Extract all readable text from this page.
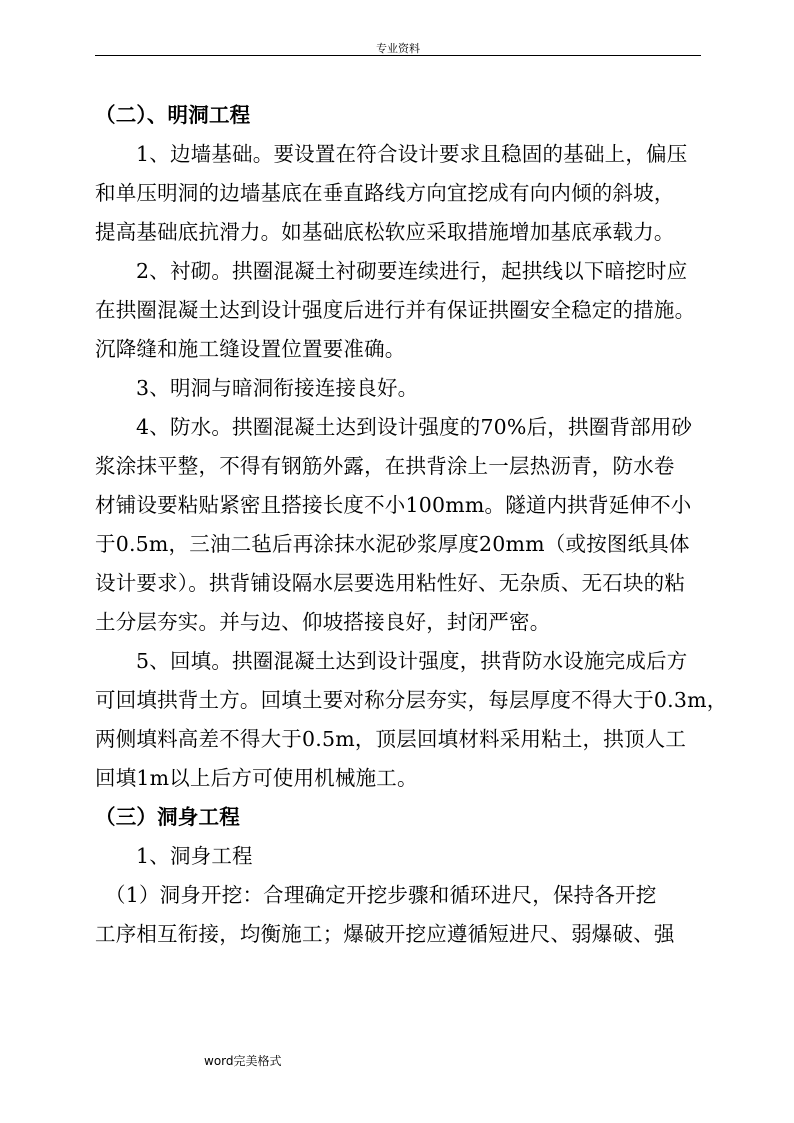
专业资料
（二）、明洞工程
1、边墙基础。要设置在符合设计要求且稳固的基础上，偏压
和单压明洞的边墙基底在垂直路线方向宜挖成有向内倾的斜坡，
提高基础底抗滑力。如基础底松软应采取措施增加基底承载力。
2、衬砌。拱圈混凝土衬砌要连续进行，起拱线以下暗挖时应
在拱圈混凝土达到设计强度后进行并有保证拱圈安全稳定的措施。
沉降缝和施工缝设置位置要准确。
3、明洞与暗洞衔接连接良好。
4、防水。拱圈混凝土达到设计强度的70%后，拱圈背部用砂
浆涂抹平整，不得有钢筋外露，在拱背涂上一层热沥青，防水卷
材铺设要粘贴紧密且搭接长度不小100mm。隧道内拱背延伸不小
于0.5m，三油二毡后再涂抹水泥砂浆厚度20mm（或按图纸具体
设计要求）。拱背铺设隔水层要选用粘性好、无杂质、无石块的粘
土分层夯实。并与边、仰坡搭接良好，封闭严密。
5、回填。拱圈混凝土达到设计强度，拱背防水设施完成后方
可回填拱背土方。回填土要对称分层夯实，每层厚度不得大于0.3m，
两侧填料高差不得大于0.5m，顶层回填材料采用粘土，拱顶人工
回填1m以上后方可使用机械施工。
（三）洞身工程
1、洞身工程
（1）洞身开挖：合理确定开挖步骤和循环进尺，保持各开挖
工序相互衔接，均衡施工；爆破开挖应遵循短进尺、弱爆破、强
word完美格式
